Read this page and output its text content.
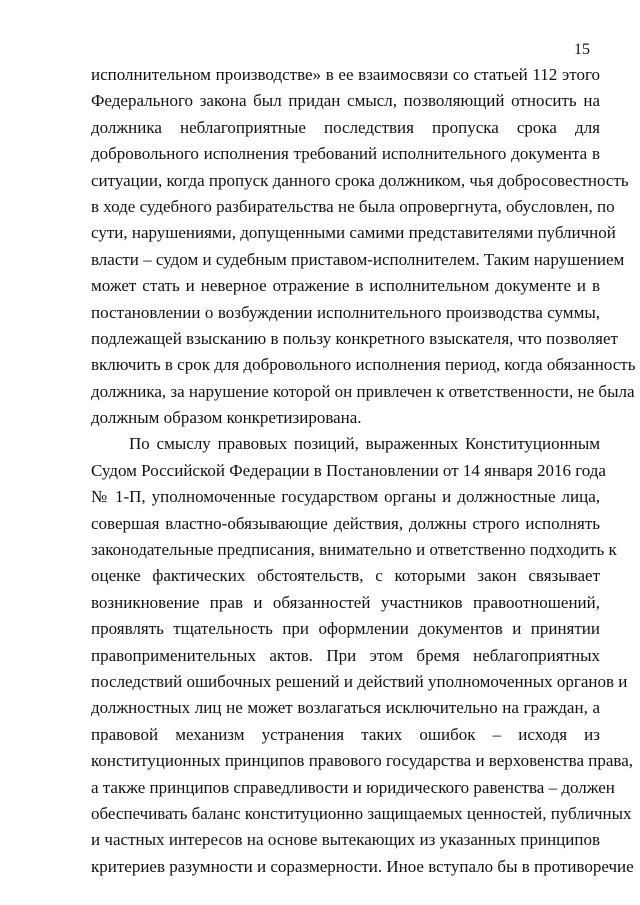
15
исполнительном производстве» в ее взаимосвязи со статьей 112 этого
Федерального закона был придан смысл, позволяющий относить на
должника неблагоприятные последствия пропуска срока для
добровольного исполнения требований исполнительного документа в
ситуации, когда пропуск данного срока должником, чья добросовестность
в ходе судебного разбирательства не была опровергнута, обусловлен, по
сути, нарушениями, допущенными самими представителями публичной
власти – судом и судебным приставом-исполнителем. Таким нарушением
может стать и неверное отражение в исполнительном документе и в
постановлении о возбуждении исполнительного производства суммы,
подлежащей взысканию в пользу конкретного взыскателя, что позволяет
включить в срок для добровольного исполнения период, когда обязанность
должника, за нарушение которой он привлечен к ответственности, не была
должным образом конкретизирована.
По смыслу правовых позиций, выраженных Конституционным
Судом Российской Федерации в Постановлении от 14 января 2016 года
№ 1-П, уполномоченные государством органы и должностные лица,
совершая властно-обязывающие действия, должны строго исполнять
законодательные предписания, внимательно и ответственно подходить к
оценке фактических обстоятельств, с которыми закон связывает
возникновение прав и обязанностей участников правоотношений,
проявлять тщательность при оформлении документов и принятии
правоприменительных актов. При этом бремя неблагоприятных
последствий ошибочных решений и действий уполномоченных органов и
должностных лиц не может возлагаться исключительно на граждан, а
правовой механизм устранения таких ошибок – исходя из
конституционных принципов правового государства и верховенства права,
а также принципов справедливости и юридического равенства – должен
обеспечивать баланс конституционно защищаемых ценностей, публичных
и частных интересов на основе вытекающих из указанных принципов
критериев разумности и соразмерности. Иное вступало бы в противоречие
